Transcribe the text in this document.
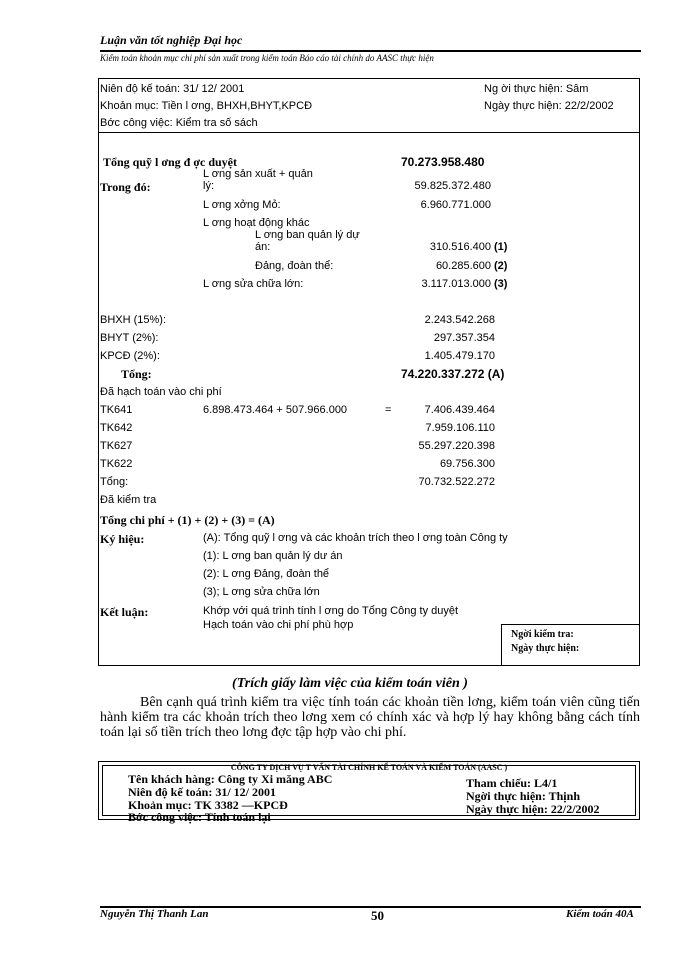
Luận văn tốt nghiệp Đại học
Kiểm toán khoản mục chi phí sản xuất trong kiểm toán Báo cáo tài chính do AASC thực hiện
Niên độ kế toán: 31/ 12/ 2001
Khoản mục: Tiền l ơng, BHXH,BHYT,KPCĐ
Bớc công việc: Kiểm tra số sách
Ng ời thực hiện: Sâm
Ngày thực hiện: 22/2/2002
Tổng quỹ l ơng đ ợc duyệt	70.273.958.480
Trong đó:
L ơng sản xuất + quản
lý:	59.825.372.480
L ơng xởng Mỏ:	6.960.771.000
L ơng hoạt động khác
L ơng ban quản lý dự
án:	310.516.400 (1)
Đảng, đoàn thể:	60.285.600 (2)
L ơng sửa chữa lớn:	3.117.013.000 (3)
BHXH (15%):	2.243.542.268
BHYT (2%):	297.357.354
KPCĐ (2%):	1.405.479.170
Tổng:	74.220.337.272 (A)
Đã hạch toán vào chi phí
TK641	6.898.473.464 + 507.966.000	=	7.406.439.464
TK642	7.959.106.110
TK627	55.297.220.398
TK622	69.756.300
Tổng:	70.732.522.272
Đã kiểm tra
Tổng chi phí + (1) + (2) + (3) = (A)
Ký hiệu:	(A): Tổng quỹ l ơng và các khoản trích theo l ơng toàn Công ty
(1): L ơng ban quản lý dư án
(2): L ơng Đảng, đoàn thể
(3); L ơng sửa chữa lớn
Kết luận:	Khớp với quá trình tính l ơng do Tổng Công ty duyệt
Hạch toán vào chi phí phù hợp
Ngời kiểm tra:
Ngày thực hiện:
(Trích giấy làm việc của kiểm toán viên )
Bên cạnh quá trình kiểm tra việc tính toán các khoản tiền lơng, kiểm toán viên cũng tiến hành kiểm tra các khoản trích theo lơng xem có chính xác và hợp lý hay không bằng cách tính toán lại số tiền trích theo lơng đợc tập hợp vào chi phí.
CÔNG TY DỊCH VỤ T VẤN TÀI CHÍNH KẾ TOÁN VÀ KIỂM TOÁN (AASC )
Tên khách hàng: Công ty Xi măng ABC
Niên độ kế toán: 31/ 12/ 2001
Khoản mục: TK 3382 —KPCĐ
Bớc công việc: Tính toán lại
Tham chiếu: L4/1
Ngời thực hiện: Thịnh
Ngày thực hiện: 22/2/2002
Nguyễn Thị Thanh Lan	50	Kiểm toán 40A
